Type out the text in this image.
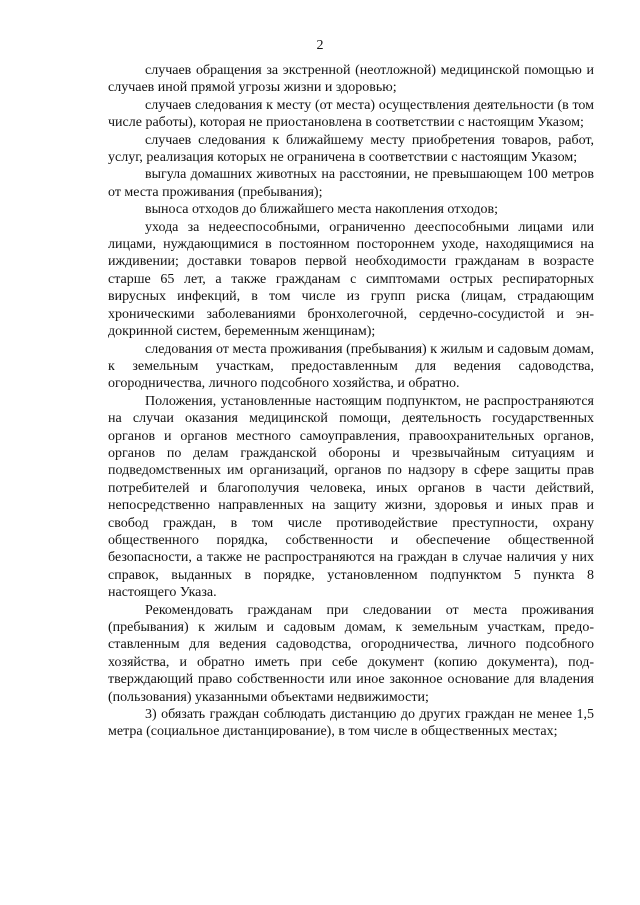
2

случаев обращения за экстренной (неотложной) медицинской помощью и случаев иной прямой угрозы жизни и здоровью;

случаев следования к месту (от места) осуществления деятельности (в том числе работы), которая не приостановлена в соответствии с настоящим Указом;

случаев следования к ближайшему месту приобретения товаров, работ, услуг, реализация которых не ограничена в соответствии с настоящим Указом;

выгула домашних животных на расстоянии, не превышающем 100 метров от места проживания (пребывания);

выноса отходов до ближайшего места накопления отходов;

ухода за недееспособными, ограниченно дееспособными лицами или лицами, нуждающимися в постоянном постороннем уходе, находящимися на иждивении; доставки товаров первой необходимости гражданам в возрасте старше 65 лет, а также гражданам с симптомами острых респираторных вирусных инфекций, в том числе из групп риска (лицам, страдающим хроническими заболеваниями бронхолегочной, сердечно-сосудистой и эндокринной систем, беременным женщинам);

следования от места проживания (пребывания) к жилым и садовым домам, к земельным участкам, предоставленным для ведения садоводства, огородничества, личного подсобного хозяйства, и обратно.

Положения, установленные настоящим подпунктом, не распространяются на случаи оказания медицинской помощи, деятельность государственных органов и органов местного самоуправления, правоохранительных органов, органов по делам гражданской обороны и чрезвычайным ситуациям и подведомственных им организаций, органов по надзору в сфере защиты прав потребителей и благополучия человека, иных органов в части действий, непосредственно направленных на защиту жизни, здоровья и иных прав и свобод граждан, в том числе противодействие преступности, охрану общественного порядка, собственности и обеспечение общественной безопасности, а также не распространяются на граждан в случае наличия у них справок, выданных в порядке, установленном подпунктом 5 пункта 8 настоящего Указа.

Рекомендовать гражданам при следовании от места проживания (пребывания) к жилым и садовым домам, к земельным участкам, предоставленным для ведения садоводства, огородничества, личного подсобного хозяйства, и обратно иметь при себе документ (копию документа), подтверждающий право собственности или иное законное основание для владения (пользования) указанными объектами недвижимости;

3) обязать граждан соблюдать дистанцию до других граждан не менее 1,5 метра (социальное дистанцирование), в том числе в общественных местах;
